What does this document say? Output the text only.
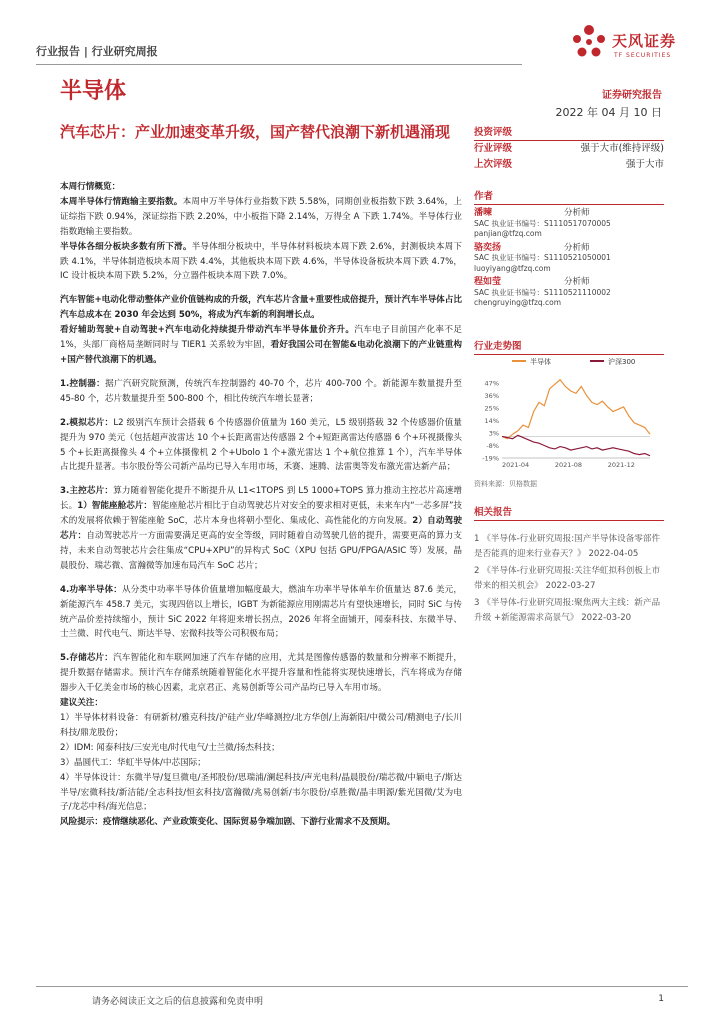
行业报告 | 行业研究周报
天风证券
TF SECURITIES
半导体	证券研究报告
2022 年 04 月 10 日
汽车芯片：产业加速变革升级，国产替代浪潮下新机遇涌现

本周行情概览：

本周半导体行情跑输主要指数。本周申万半导体行业指数下跌 5.58%，同期创业板指数下跌 3.64%，上证综指下跌 0.94%，深证综指下跌 2.20%，中小板指下降 2.14%，万得全 A 下跌 1.74%。半导体行业指数跑输主要指数。

半导体各细分板块多数有所下滑。半导体细分板块中，半导体材料板块本周下跌 2.6%，封测板块本周下跌 4.1%，半导体制造板块本周下跌 4.4%，其他板块本周下跌 4.6%，半导体设备板块本周下跌 4.7%，IC 设计板块本周下跌 5.2%，分立器件板块本周下跌 7.0%。

汽车智能+电动化带动整体产业价值链构成的升级，汽车芯片含量+重要性成倍提升，预计汽车半导体占比汽车总成本在 2030 年会达到 50%，将成为汽车新的利润增长点。

看好辅助驾驶+自动驾驶+汽车电动化持续提升带动汽车半导体量价齐升。汽车电子目前国产化率不足 1%，头部厂商格局垄断同时与 TIER1 关系较为牢固，看好我国公司在智能&电动化浪潮下的产业链重构+国产替代浪潮下的机遇。

1.控制器：据广汽研究院预测，传统汽车控制器约 40-70 个，芯片 400-700 个。新能源车数量提升至 45-80 个，芯片数量提升至 500-800 个，相比传统汽车增长显著；

2.模拟芯片：L2 级别汽车预计会搭载 6 个传感器价值量为 160 美元，L5 级别搭载 32 个传感器价值量提升为 970 美元（包括超声波雷达 10 个+长距离雷达传感器 2 个+短距离雷达传感器 6 个+环视摄像头 5 个+长距离摄像头 4 个+立体摄像机 2 个+Ubolo 1 个+激光雷达 1 个+航位推算 1 个），汽车半导体占比提升显著。韦尔股份等公司新产品均已导入车用市场，禾赛、速腾、法雷奥等发布激光雷达新产品；

3.主控芯片：算力随着智能化提升不断提升从 L1<1TOPS 到 L5 1000+TOPS 算力推动主控芯片高速增长。1）智能座舱芯片：智能座舱芯片相比于自动驾驶芯片对安全的要求相对更低，未来车内“一芯多屏”技术的发展将依赖于智能座舱 SoC，芯片本身也将朝小型化、集成化、高性能化的方向发展。2）自动驾驶芯片：自动驾驶芯片一方面需要满足更高的安全等级，同时随着自动驾驶几倍的提升，需要更高的算力支持，未来自动驾驶芯片会往集成“CPU+XPU”的异构式 SoC（XPU 包括 GPU/FPGA/ASIC 等）发展，晶晨股份、瑞芯微、富瀚微等加速布局汽车 SoC 芯片；

4.功率半导体：从分类中功率半导体价值量增加幅度最大，燃油车功率半导体单车价值量达 87.6 美元，新能源汽车 458.7 美元，实现四倍以上增长，IGBT 为新能源应用刚需芯片有望快速增长，同时 SiC 与传统产品价差持续缩小，预计 SiC 2022 年将迎来增长拐点，2026 年将全面铺开，闻泰科技、东微半导、士兰微、时代电气、斯达半导、宏微科技等公司积极布局；

5.存储芯片：汽车智能化和车联网加速了汽车存储的应用，尤其是图像传感器的数量和分辨率不断提升，提升数据存储需求。预计汽车存储系统随着智能化水平提升容量和性能将实现快速增长，汽车将成为存储器步入千亿美金市场的核心因素，北京君正、兆易创新等公司产品均已导入车用市场。

建议关注：

1）半导体材料设备：有研新材/雅克科技/沪硅产业/华峰测控/北方华创/上海新阳/中微公司/精测电子/长川科技/鼎龙股份；

2）IDM: 闻泰科技/三安光电/时代电气/士兰微/扬杰科技；

3）晶圆代工：华虹半导体/中芯国际；

4）半导体设计：东微半导/复旦微电/圣邦股份/思瑞浦/澜起科技/声光电科/晶晨股份/瑞芯微/中颖电子/斯达半导/宏微科技/新洁能/全志科技/恒玄科技/富瀚微/兆易创新/韦尔股份/卓胜微/晶丰明源/紫光国微/艾为电子/龙芯中科/海光信息；

风险提示：疫情继续恶化、产业政策变化、国际贸易争端加剧、下游行业需求不及预期。

投资评级
行业评级	强于大市(维持评级)
上次评级	强于大市
作者
潘暕	分析师
SAC 执业证书编号：S1110517070005
panjian@tfzq.com
骆奕扬	分析师
SAC 执业证书编号：S1110521050001
luoyiyang@tfzq.com
程如莹	分析师
SAC 执业证书编号：S1110521110002
chengruying@tfzq.com
行业走势图
半导体	沪深300
47%
36%
25%
14%
3%
-8%
-19%
2021-04	2021-08	2021-12
资料来源：贝格数据
相关报告
1 《半导体-行业研究周报:国产半导体设备零部件是否能真的迎来行业春天？》 2022-04-05
2 《半导体-行业研究周报:关注华虹拟科创板上市带来的相关机会》 2022-03-27
3 《半导体-行业研究周报:聚焦两大主线：新产品升级 +新能源需求高景气》 2022-03-20
请务必阅读正文之后的信息披露和免责申明	1
